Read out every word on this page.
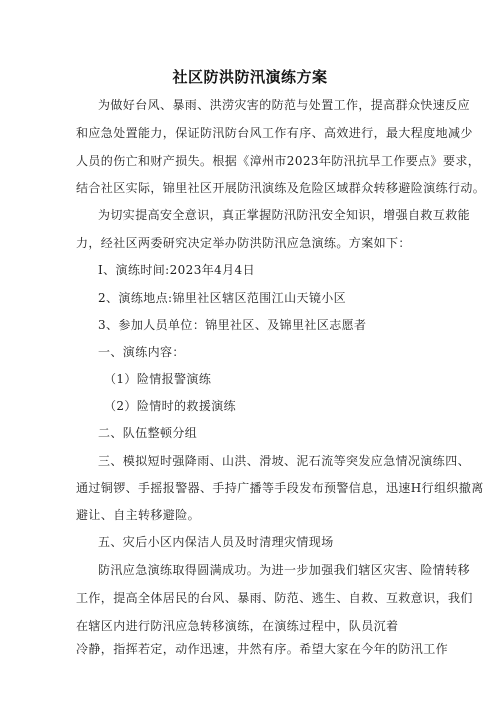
社区防洪防汛演练方案
为做好台风、暴雨、洪涝灾害的防范与处置工作，提高群众快速反应
和应急处置能力，保证防汛防台风工作有序、高效进行，最大程度地减少
人员的伤亡和财产损失。根据《漳州市2023年防汛抗旱工作要点》要求，
结合社区实际，锦里社区开展防汛演练及危险区域群众转移避险演练行动。
为切实提高安全意识，真正掌握防汛防汛安全知识，增强自救互救能
力，经社区两委研究决定举办防洪防汛应急演练。方案如下：
I、演练时间:2023年4月4日
2、演练地点:锦里社区辖区范围江山天镜小区
3、参加人员单位：锦里社区、及锦里社区志愿者
一、演练内容：
（1）险情报警演练
（2）险情时的救援演练
二、队伍整顿分组
三、模拟短时强降雨、山洪、滑坡、泥石流等突发应急情况演练四、
通过铜锣、手摇报警器、手持广播等手段发布预警信息，迅速H行组织撤离
避让、自主转移避险。
五、灾后小区内保洁人员及时清理灾情现场
防汛应急演练取得圆满成功。为进一步加强我们辖区灾害、险情转移
工作，提高全体居民的台风、暴雨、防范、逃生、自救、互救意识，我们
在辖区内进行防汛应急转移演练，在演练过程中，队员沉着
冷静，指挥若定，动作迅速，井然有序。希望大家在今年的防汛工作
